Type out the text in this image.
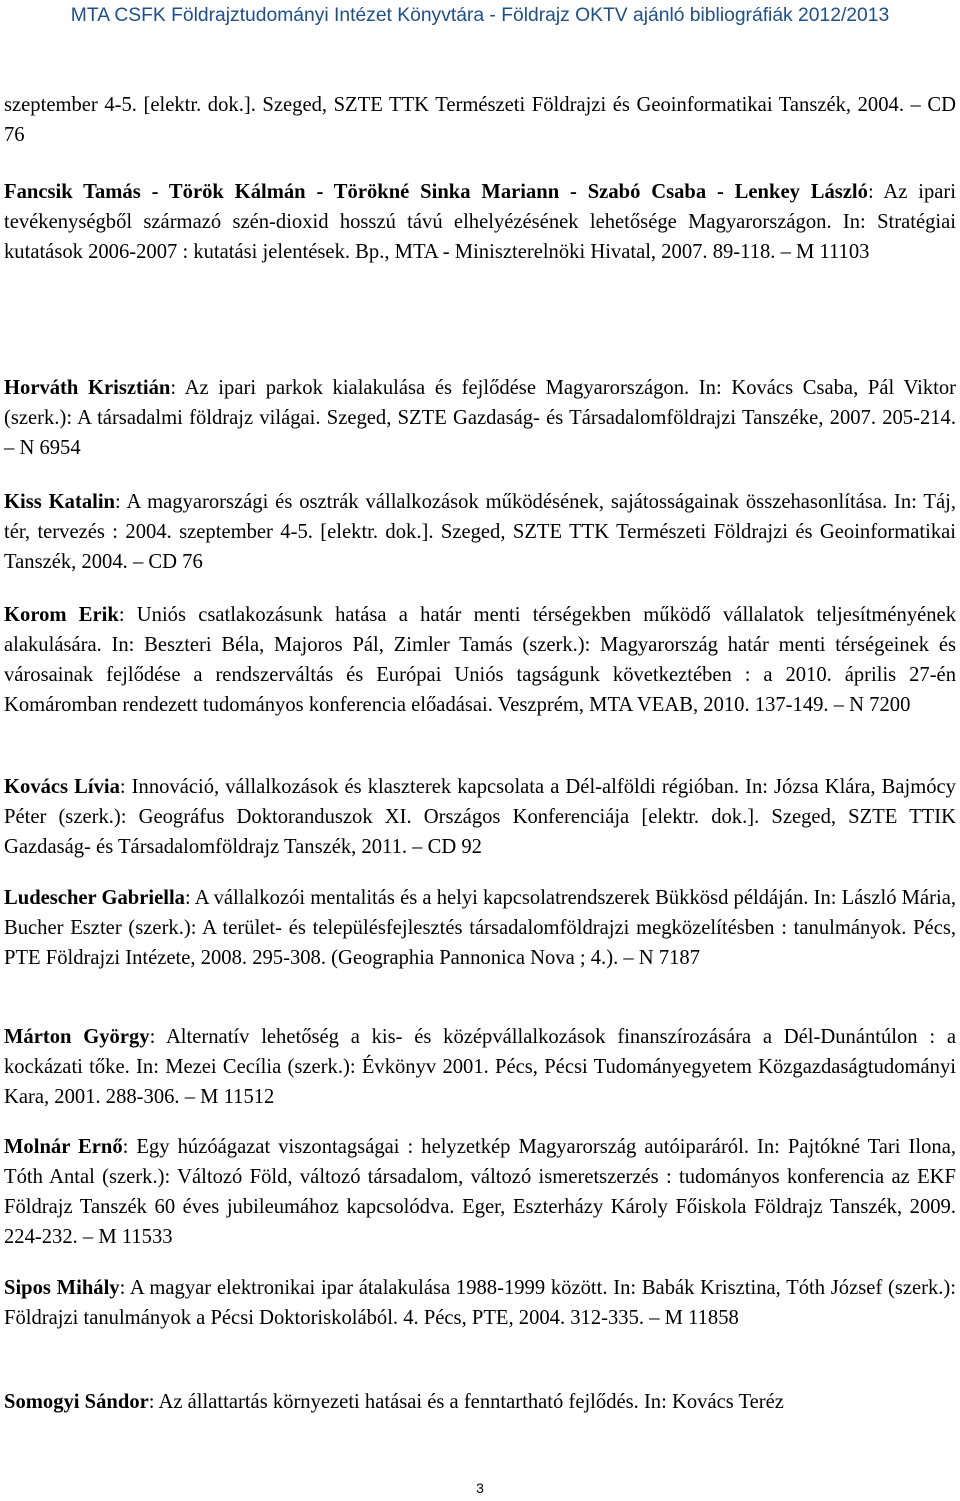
MTA CSFK Földrajztudományi Intézet Könyvtára - Földrajz OKTV ajánló bibliográfiák 2012/2013

szeptember 4-5. [elektr. dok.]. Szeged, SZTE TTK Természeti Földrajzi és Geoinformatikai Tanszék, 2004. – CD 76

Fancsik Tamás - Török Kálmán - Törökné Sinka Mariann - Szabó Csaba - Lenkey László: Az ipari tevékenységből származó szén-dioxid hosszú távú elhelyézésének lehetősége Magyarországon. In: Stratégiai kutatások 2006-2007 : kutatási jelentések. Bp., MTA - Miniszterelnöki Hivatal, 2007. 89-118. – M 11103

Horváth Krisztián: Az ipari parkok kialakulása és fejlődése Magyarországon. In: Kovács Csaba, Pál Viktor (szerk.): A társadalmi földrajz világai. Szeged, SZTE Gazdaság- és Társadalomföldrajzi Tanszéke, 2007. 205-214. – N 6954

Kiss Katalin: A magyarországi és osztrák vállalkozások működésének, sajátosságainak összehasonlítása. In: Táj, tér, tervezés : 2004. szeptember 4-5. [elektr. dok.]. Szeged, SZTE TTK Természeti Földrajzi és Geoinformatikai Tanszék, 2004. – CD 76

Korom Erik: Uniós csatlakozásunk hatása a határ menti térségekben működő vállalatok teljesítményének alakulására. In: Beszteri Béla, Majoros Pál, Zimler Tamás (szerk.): Magyarország határ menti térségeinek és városainak fejlődése a rendszerváltás és Európai Uniós tagságunk következtében : a 2010. április 27-én Komáromban rendezett tudományos konferencia előadásai. Veszprém, MTA VEAB, 2010. 137-149. – N 7200

Kovács Lívia: Innováció, vállalkozások és klaszterek kapcsolata a Dél-alföldi régióban. In: Józsa Klára, Bajmócy Péter (szerk.): Geográfus Doktoranduszok XI. Országos Konferenciája [elektr. dok.]. Szeged, SZTE TTIK Gazdaság- és Társadalomföldrajz Tanszék, 2011. – CD 92

Ludescher Gabriella: A vállalkozói mentalitás és a helyi kapcsolatrendszerek Bükkösd példáján. In: László Mária, Bucher Eszter (szerk.): A terület- és településfejlesztés társadalomföldrajzi megközelítésben : tanulmányok. Pécs, PTE Földrajzi Intézete, 2008. 295-308. (Geographia Pannonica Nova ; 4.). – N 7187

Márton György: Alternatív lehetőség a kis- és középvállalkozások finanszírozására a Dél-Dunántúlon : a kockázati tőke. In: Mezei Cecília (szerk.): Évkönyv 2001. Pécs, Pécsi Tudományegyetem Közgazdaságtudományi Kara, 2001. 288-306. – M 11512

Molnár Ernő: Egy húzóágazat viszontagságai : helyzetkép Magyarország autóiparáról. In: Pajtókné Tari Ilona, Tóth Antal (szerk.): Változó Föld, változó társadalom, változó ismeretszerzés : tudományos konferencia az EKF Földrajz Tanszék 60 éves jubileumához kapcsolódva. Eger, Eszterházy Károly Főiskola Földrajz Tanszék, 2009. 224-232. – M 11533

Sipos Mihály: A magyar elektronikai ipar átalakulása 1988-1999 között. In: Babák Krisztina, Tóth József (szerk.): Földrajzi tanulmányok a Pécsi Doktoriskolából. 4. Pécs, PTE, 2004. 312-335. – M 11858

Somogyi Sándor: Az állattartás környezeti hatásai és a fenntartható fejlődés. In: Kovács Teréz

3
